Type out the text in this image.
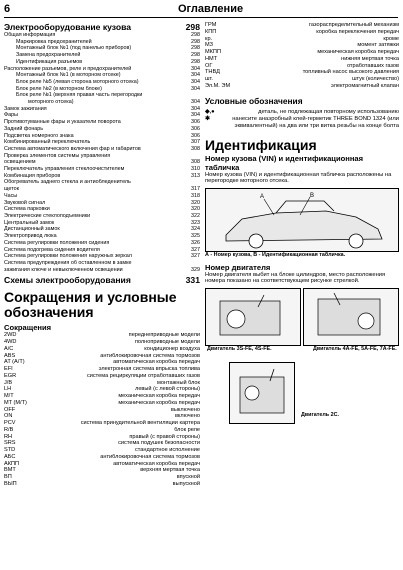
6	Оглавление
Электрооборудование кузова	298
Общая информация	298
Маркировка предохранителей	298
Монтажный блок №1 (под панелью приборов)	298
Замена предохранителей	298
Идентификация разъемов	298
Расположение разъемов, реле и предохранителей	304
Монтажный блок №1 (в моторном отсеке)	304
Блок реле №5 (левая сторона моторного отсека)	304
Блок реле №2 (в моторном блоке)	304
Блок реле №1 (верхняя правая часть перегородки
моторного отсека)	304
Замок зажигания	304
Фары	304
Противотуманные фары и указатели поворота	306
Задний фонарь	306
Подсветка номерного знака	306
Комбинированный переключатель	307
Система автоматического включения фар и габаритов	308
Проверка элементов системы управления
освещением	308
Переключатель управления стеклоочистителем	310
Комбинация приборов	313
Обогреватель заднего стекла и антиобледенитель
щеток	317
Часы	318
Звуковой сигнал	320
Система парковки	320
Электрические стеклоподъемники	322
Центральный замок	323
Дистанционный замок	324
Электропривод люка	325
Система регулировки положения сидения	326
Система подогрева сидения водителя	327
Система регулировки положения наружных зеркал	327
Система предупреждения об оставленном в замке
зажигания ключе и невыключенном освещении	329
Схемы электрооборудования	331
Сокращения и условные обозначения
Сокращения
2WD	переднеприводные модели
4WD	полноприводные модели
A/C	кондиционер воздуха
ABS	антиблокировочная система тормозов
AT (A/T)	автоматическая коробка передач
EFI	электронная система впрыска топлива
EGR	система рециркуляции отработавших газов
J/B	монтажный блок
LH	левый (с левой стороны)
M/T	механическая коробка передач
MT (M/T)	механическая коробка передач
OFF	выключено
ON	включено
PCV	система принудительной вентиляции картера
R/B	блок реле
RH	правый (с правой стороны)
SRS	система подушек безопасности
STD	стандартное исполнение
АБС	антиблокировочная система тормозов
АКПП	автоматическая коробка передач
ВМТ	верхняя мертвая точка
ВП	впускной
ВЫП	выпускной
ГРМ	газораспределительный механизм
КПП	коробка переключения передач
кр.	кроме
МЗ	момент затяжки
МКПП	механическая коробка передач
НМТ	нижняя мертвая точка
ОГ	отработавших газов
ТНВД	топливный насос высокого давления
шт.	штук (количество)
Эл.М. ЭМ	электромагнитный клапан
Условные обозначения
◆,●	деталь, не подлежащая повторному использованию
✱	нанесите анаэробный клей-герметик THREE BOND 1324 (или эквивалентный) на два или три витка резьбы на конце болта
Идентификация
Номер кузова (VIN) и идентификационная табличка
Номер кузова (VIN) и идентификационная табличка расположены на перегородке моторного отсека.
A	B
А - Номер кузова, В - Идентификационная табличка.
Номер двигателя
Номер двигателя выбит на блоке цилиндров, место расположения номера показано на соответствующем рисунке стрелкой.
Двигатель 3S-FE, 4S-FE.	Двигатель 4A-FE, 5A-FE, 7A-FE.
Двигатель 2C.
